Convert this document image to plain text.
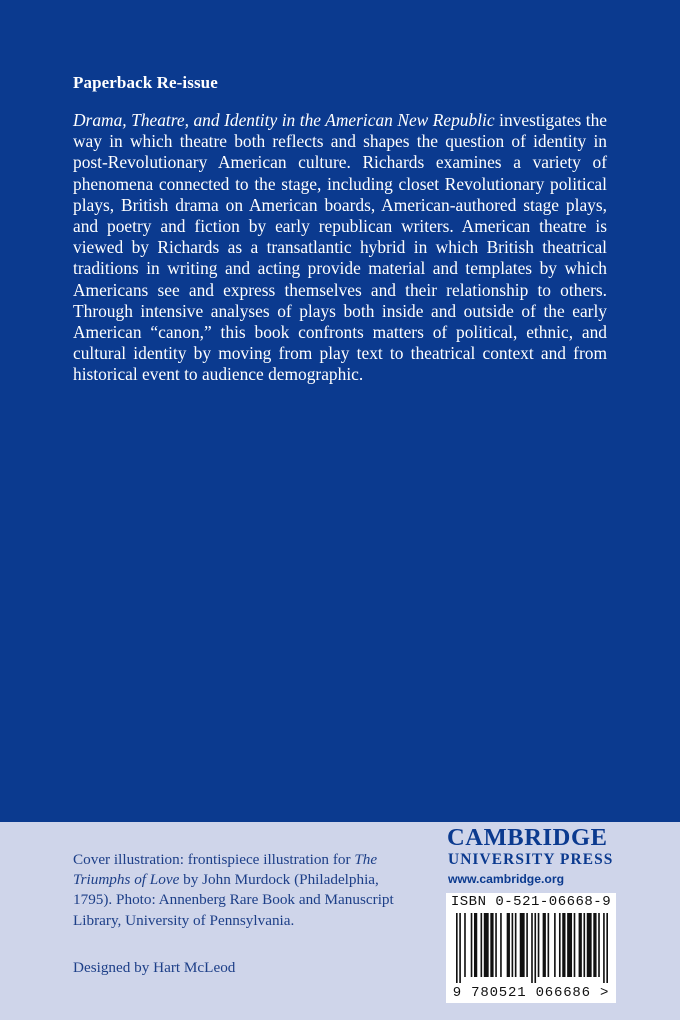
Paperback Re-issue
Drama, Theatre, and Identity in the American New Republic investigates the way in which theatre both reflects and shapes the question of identity in post-Revolutionary American culture. Richards examines a variety of phenomena connected to the stage, including closet Revolutionary political plays, British drama on American boards, American-authored stage plays, and poetry and fiction by early republican writers. American theatre is viewed by Richards as a transatlantic hybrid in which British theatrical traditions in writing and acting provide material and templates by which Americans see and express themselves and their relationship to others. Through intensive analyses of plays both inside and outside of the early American “canon,” this book confronts matters of political, ethnic, and cultural identity by moving from play text to theatrical context and from historical event to audience demographic.
Cover illustration: frontispiece illustration for The Triumphs of Love by John Murdock (Philadelphia, 1795). Photo: Annenberg Rare Book and Manuscript Library, University of Pennsylvania.
Designed by Hart McLeod
CAMBRIDGE
UNIVERSITY PRESS
www.cambridge.org
ISBN 0-521-06668-9
9 780521 066686 >
